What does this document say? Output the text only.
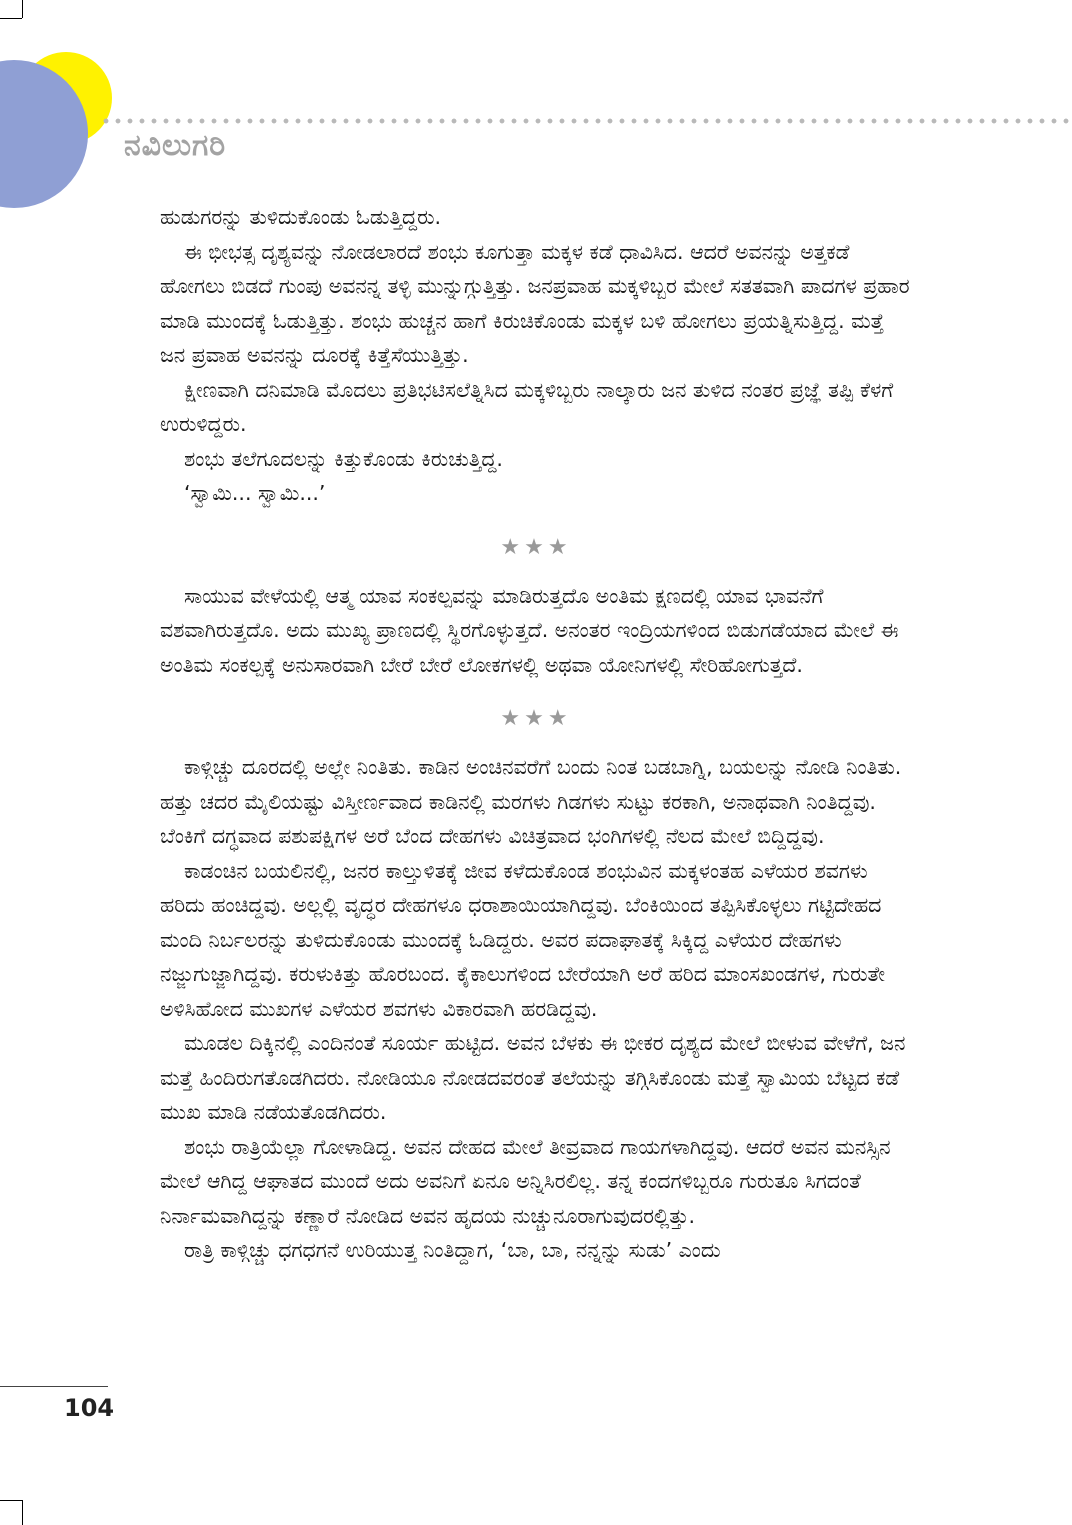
ನವಿಲುಗರಿ

ಹುಡುಗರನ್ನು ತುಳಿದುಕೊಂಡು ಓಡುತ್ತಿದ್ದರು.

ಈ ಭೀಭತ್ಸ ದೃಶ್ಯವನ್ನು ನೋಡಲಾರದೆ ಶಂಭು ಕೂಗುತ್ತಾ ಮಕ್ಕಳ ಕಡೆ ಧಾವಿಸಿದ. ಆದರೆ ಅವನನ್ನು ಅತ್ತಕಡೆ ಹೋಗಲು ಬಿಡದೆ ಗುಂಪು ಅವನನ್ನ ತಳ್ಳಿ ಮುನ್ನುಗ್ಗುತ್ತಿತ್ತು. ಜನಪ್ರವಾಹ ಮಕ್ಕಳಿಬ್ಬರ ಮೇಲೆ ಸತತವಾಗಿ ಪಾದಗಳ ಪ್ರಹಾರ ಮಾಡಿ ಮುಂದಕ್ಕೆ ಓಡುತ್ತಿತ್ತು. ಶಂಭು ಹುಚ್ಚನ ಹಾಗೆ ಕಿರುಚಿಕೊಂಡು ಮಕ್ಕಳ ಬಳಿ ಹೋಗಲು ಪ್ರಯತ್ನಿಸುತ್ತಿದ್ದ. ಮತ್ತೆ ಜನ ಪ್ರವಾಹ ಅವನನ್ನು ದೂರಕ್ಕೆ ಕಿತ್ತೆಸೆಯುತ್ತಿತ್ತು.

ಕ್ಷೀಣವಾಗಿ ದನಿಮಾಡಿ ಮೊದಲು ಪ್ರತಿಭಟಿಸಲೆತ್ನಿಸಿದ ಮಕ್ಕಳಿಬ್ಬರು ನಾಲ್ಕಾರು ಜನ ತುಳಿದ ನಂತರ ಪ್ರಜ್ಞೆ ತಪ್ಪಿ ಕೆಳಗೆ ಉರುಳಿದ್ದರು.

ಶಂಭು ತಲೆಗೂದಲನ್ನು ಕಿತ್ತುಕೊಂಡು ಕಿರುಚುತ್ತಿದ್ದ.

‘ಸ್ವಾಮಿ... ಸ್ವಾಮಿ...’

★★★

ಸಾಯುವ ವೇಳೆಯಲ್ಲಿ ಆತ್ಮ ಯಾವ ಸಂಕಲ್ಪವನ್ನು ಮಾಡಿರುತ್ತದೊ ಅಂತಿಮ ಕ್ಷಣದಲ್ಲಿ ಯಾವ ಭಾವನೆಗೆ ವಶವಾಗಿರುತ್ತದೊ. ಅದು ಮುಖ್ಯ ಪ್ರಾಣದಲ್ಲಿ ಸ್ಥಿರಗೊಳ್ಳುತ್ತದೆ. ಅನಂತರ ಇಂದ್ರಿಯಗಳಿಂದ ಬಿಡುಗಡೆಯಾದ ಮೇಲೆ ಈ ಅಂತಿಮ ಸಂಕಲ್ಪಕ್ಕೆ ಅನುಸಾರವಾಗಿ ಬೇರೆ ಬೇರೆ ಲೋಕಗಳಲ್ಲಿ ಅಥವಾ ಯೋನಿಗಳಲ್ಲಿ ಸೇರಿಹೋಗುತ್ತದೆ.

★★★

ಕಾಳ್ಗಿಚ್ಚು ದೂರದಲ್ಲಿ ಅಲ್ಲೇ ನಿಂತಿತು. ಕಾಡಿನ ಅಂಚಿನವರೆಗೆ ಬಂದು ನಿಂತ ಬಡಬಾಗ್ನಿ, ಬಯಲನ್ನು ನೋಡಿ ನಿಂತಿತು. ಹತ್ತು ಚದರ ಮೈಲಿಯಷ್ಟು ವಿಸ್ತೀರ್ಣವಾದ ಕಾಡಿನಲ್ಲಿ ಮರಗಳು ಗಿಡಗಳು ಸುಟ್ಟು ಕರಕಾಗಿ, ಅನಾಥವಾಗಿ ನಿಂತಿದ್ದವು. ಬೆಂಕಿಗೆ ದಗ್ಧವಾದ ಪಶುಪಕ್ಷಿಗಳ ಅರೆ ಬೆಂದ ದೇಹಗಳು ವಿಚಿತ್ರವಾದ ಭಂಗಿಗಳಲ್ಲಿ ನೆಲದ ಮೇಲೆ ಬಿದ್ದಿದ್ದವು.

ಕಾಡಂಚಿನ ಬಯಲಿನಲ್ಲಿ, ಜನರ ಕಾಲ್ತುಳಿತಕ್ಕೆ ಜೀವ ಕಳೆದುಕೊಂಡ ಶಂಭುವಿನ ಮಕ್ಕಳಂತಹ ಎಳೆಯರ ಶವಗಳು ಹರಿದು ಹಂಚಿದ್ದವು. ಅಲ್ಲಲ್ಲಿ ವೃದ್ಧರ ದೇಹಗಳೂ ಧರಾಶಾಯಿಯಾಗಿದ್ದವು. ಬೆಂಕಿಯಿಂದ ತಪ್ಪಿಸಿಕೊಳ್ಳಲು ಗಟ್ಟಿದೇಹದ ಮಂದಿ ನಿರ್ಬಲರನ್ನು ತುಳಿದುಕೊಂಡು ಮುಂದಕ್ಕೆ ಓಡಿದ್ದರು. ಅವರ ಪದಾಘಾತಕ್ಕೆ ಸಿಕ್ಕಿದ್ದ ಎಳೆಯರ ದೇಹಗಳು ನಜ್ಜುಗುಜ್ಜಾಗಿದ್ದವು. ಕರುಳುಕಿತ್ತು ಹೊರಬಂದ. ಕೈಕಾಲುಗಳಿಂದ ಬೇರೆಯಾಗಿ ಅರೆ ಹರಿದ ಮಾಂಸಖಂಡಗಳ, ಗುರುತೇ ಅಳಿಸಿಹೋದ ಮುಖಗಳ ಎಳೆಯರ ಶವಗಳು ವಿಕಾರವಾಗಿ ಹರಡಿದ್ದವು.

ಮೂಡಲ ದಿಕ್ಕಿನಲ್ಲಿ ಎಂದಿನಂತೆ ಸೂರ್ಯ ಹುಟ್ಟಿದ. ಅವನ ಬೆಳಕು ಈ ಭೀಕರ ದೃಶ್ಯದ ಮೇಲೆ ಬೀಳುವ ವೇಳೆಗೆ, ಜನ ಮತ್ತೆ ಹಿಂದಿರುಗತೊಡಗಿದರು. ನೋಡಿಯೂ ನೋಡದವರಂತೆ ತಲೆಯನ್ನು ತಗ್ಗಿಸಿಕೊಂಡು ಮತ್ತೆ ಸ್ವಾಮಿಯ ಬೆಟ್ಟದ ಕಡೆ ಮುಖ ಮಾಡಿ ನಡೆಯತೊಡಗಿದರು.

ಶಂಭು ರಾತ್ರಿಯೆಲ್ಲಾ ಗೋಳಾಡಿದ್ದ. ಅವನ ದೇಹದ ಮೇಲೆ ತೀವ್ರವಾದ ಗಾಯಗಳಾಗಿದ್ದವು. ಆದರೆ ಅವನ ಮನಸ್ಸಿನ ಮೇಲೆ ಆಗಿದ್ದ ಆಘಾತದ ಮುಂದೆ ಅದು ಅವನಿಗೆ ಏನೂ ಅನ್ನಿಸಿರಲಿಲ್ಲ. ತನ್ನ ಕಂದಗಳಿಬ್ಬರೂ ಗುರುತೂ ಸಿಗದಂತೆ ನಿರ್ನಾಮವಾಗಿದ್ದನ್ನು ಕಣ್ಣಾರೆ ನೋಡಿದ ಅವನ ಹೃದಯ ನುಚ್ಚುನೂರಾಗುವುದರಲ್ಲಿತ್ತು.

ರಾತ್ರಿ ಕಾಳ್ಗಿಚ್ಚು ಧಗಧಗನೆ ಉರಿಯುತ್ತ ನಿಂತಿದ್ದಾಗ, ‘ಬಾ, ಬಾ, ನನ್ನನ್ನು ಸುಡು’ ಎಂದು

104
